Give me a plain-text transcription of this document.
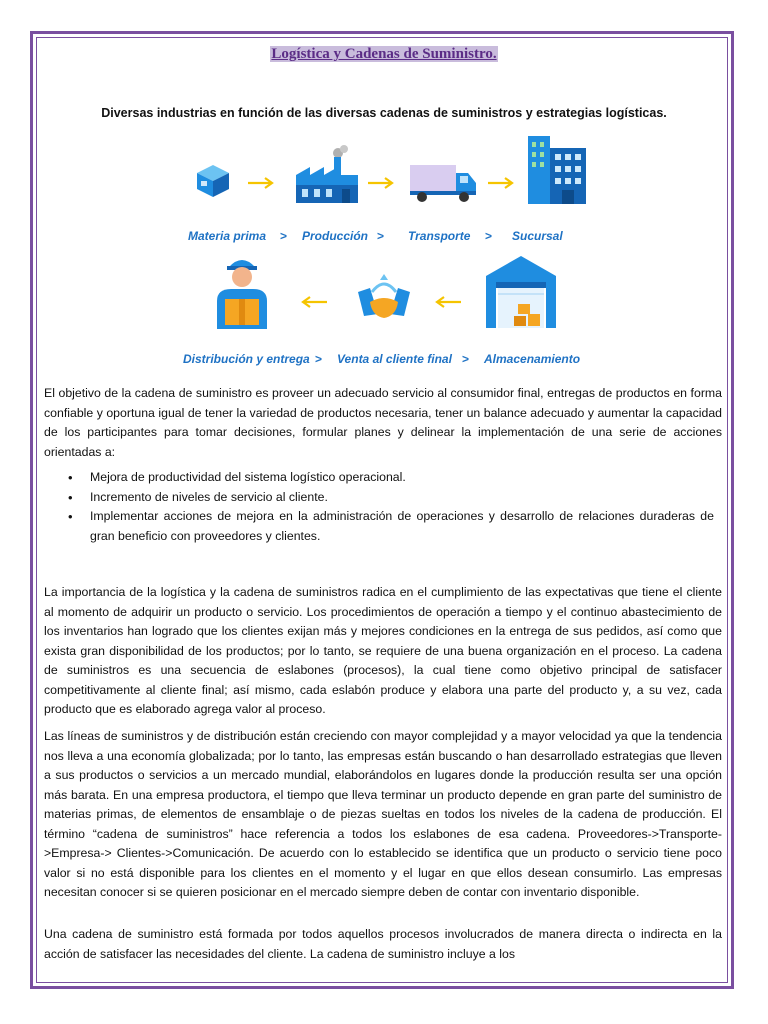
Logística y Cadenas de Suministro.
Diversas industrias en función de las diversas cadenas de suministros y estrategias logísticas.
Materia prima > Producción > Transporte > Sucursal
Distribución y entrega > Venta al cliente final > Almacenamiento

El objetivo de la cadena de suministro es proveer un adecuado servicio al consumidor final, entregas de productos en forma confiable y oportuna igual de tener la variedad de productos necesaria, tener un balance adecuado y aumentar la capacidad de los participantes para tomar decisiones, formular planes y delinear la implementación de una serie de acciones orientadas a:

• Mejora de productividad del sistema logístico operacional.
• Incremento de niveles de servicio al cliente.
• Implementar acciones de mejora en la administración de operaciones y desarrollo de relaciones duraderas de gran beneficio con proveedores y clientes.

La importancia de la logística y la cadena de suministros radica en el cumplimiento de las expectativas que tiene el cliente al momento de adquirir un producto o servicio. Los procedimientos de operación a tiempo y el continuo abastecimiento de los inventarios han logrado que los clientes exijan más y mejores condiciones en la entrega de sus pedidos, así como que exista gran disponibilidad de los productos; por lo tanto, se requiere de una buena organización en el proceso. La cadena de suministros es una secuencia de eslabones (procesos), la cual tiene como objetivo principal de satisfacer competitivamente al cliente final; así mismo, cada eslabón produce y elabora una parte del producto y, a su vez, cada producto que es elaborado agrega valor al proceso.

Las líneas de suministros y de distribución están creciendo con mayor complejidad y a mayor velocidad ya que la tendencia nos lleva a una economía globalizada; por lo tanto, las empresas están buscando o han desarrollado estrategias que lleven a sus productos o servicios a un mercado mundial, elaborándolos en lugares donde la producción resulta ser una opción más barata. En una empresa productora, el tiempo que lleva terminar un producto depende en gran parte del suministro de materias primas, de elementos de ensamblaje o de piezas sueltas en todos los niveles de la cadena de producción. El término “cadena de suministros” hace referencia a todos los eslabones de esa cadena. Proveedores->Transporte->Empresa-> Clientes->Comunicación. De acuerdo con lo establecido se identifica que un producto o servicio tiene poco valor si no está disponible para los clientes en el momento y el lugar en que ellos desean consumirlo. Las empresas necesitan conocer si se quieren posicionar en el mercado siempre deben de contar con inventario disponible.

Una cadena de suministro está formada por todos aquellos procesos involucrados de manera directa o indirecta en la acción de satisfacer las necesidades del cliente. La cadena de suministro incluye a los
